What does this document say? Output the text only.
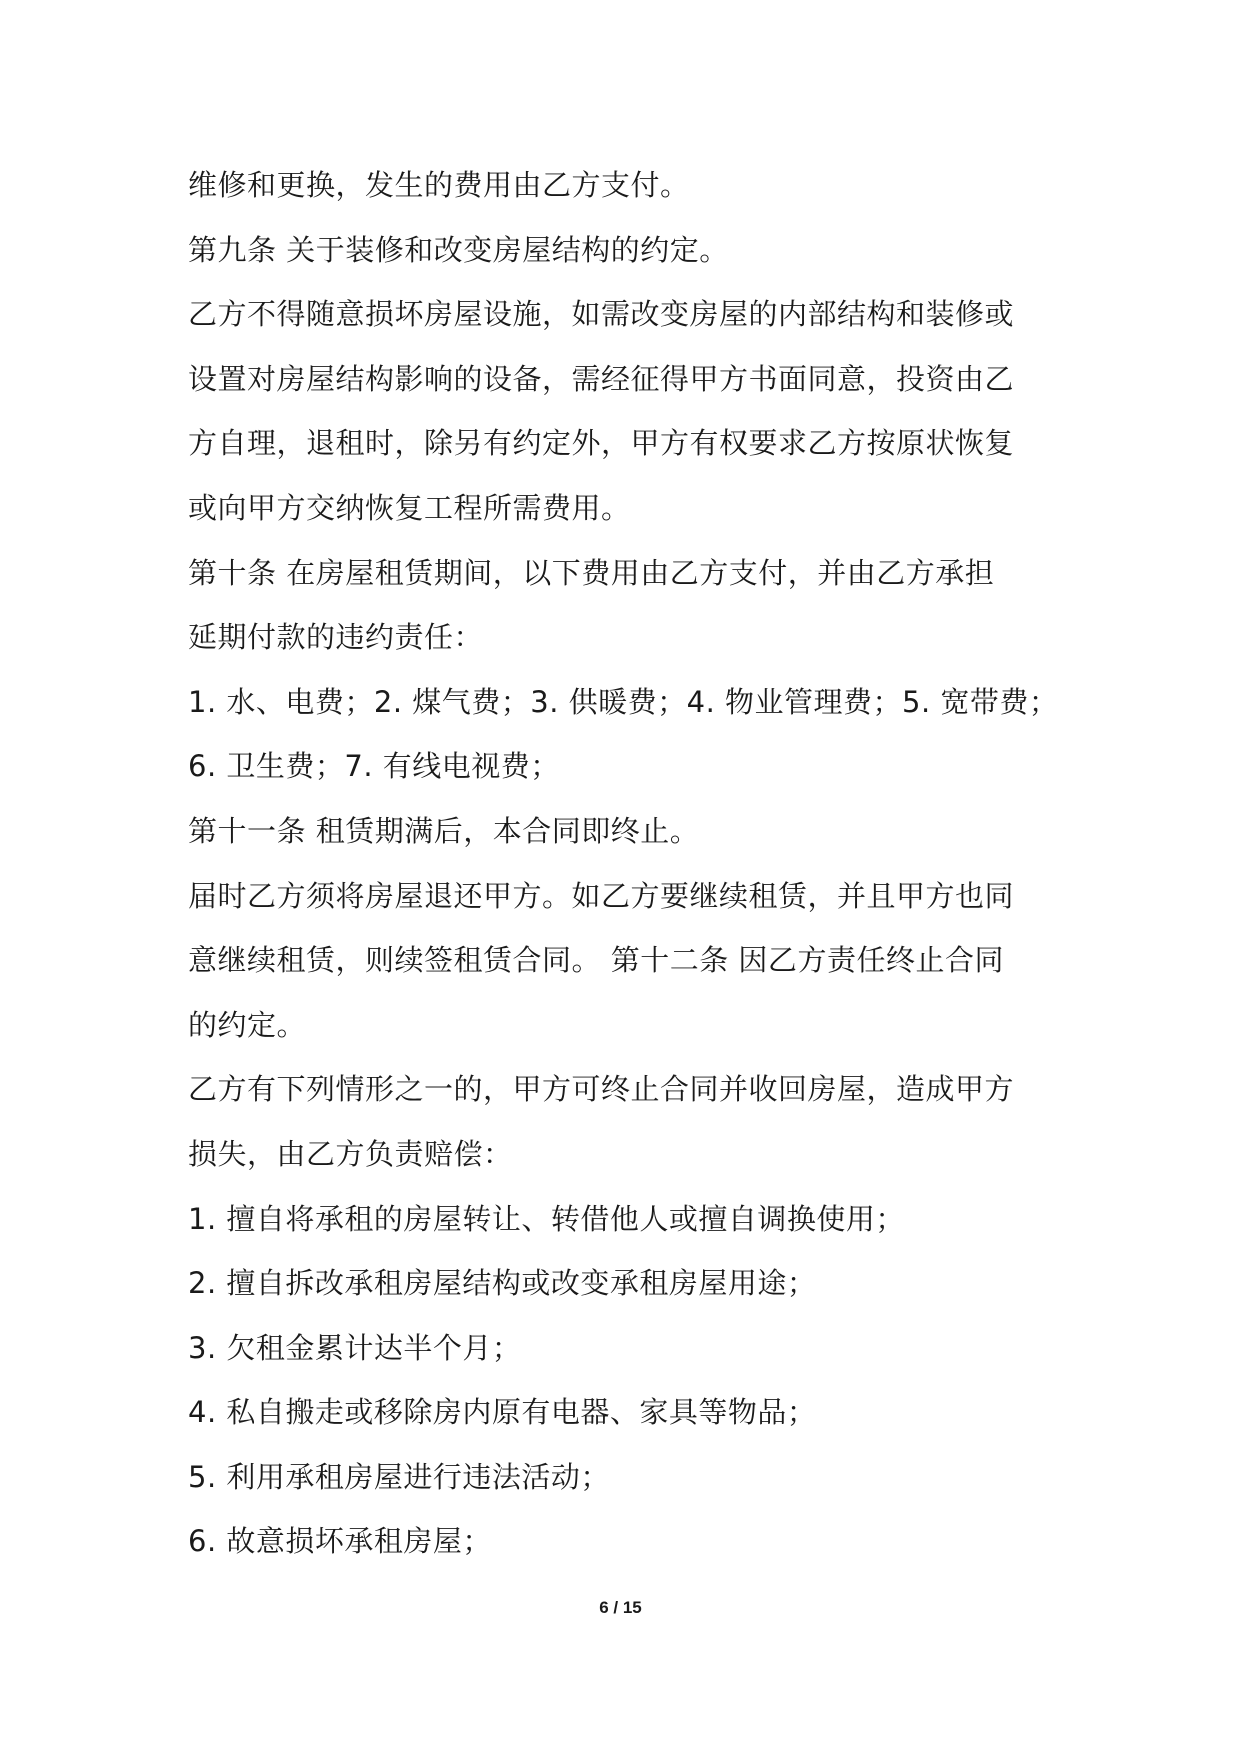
维修和更换，发生的费用由乙方支付。
第九条 关于装修和改变房屋结构的约定。
乙方不得随意损坏房屋设施，如需改变房屋的内部结构和装修或
设置对房屋结构影响的设备，需经征得甲方书面同意，投资由乙
方自理，退租时，除另有约定外，甲方有权要求乙方按原状恢复
或向甲方交纳恢复工程所需费用。
第十条 在房屋租赁期间，以下费用由乙方支付，并由乙方承担
延期付款的违约责任：
1. 水、电费；2. 煤气费；3. 供暖费；4. 物业管理费；5. 宽带费；
6. 卫生费；7. 有线电视费；
第十一条 租赁期满后，本合同即终止。
届时乙方须将房屋退还甲方。如乙方要继续租赁，并且甲方也同
意继续租赁，则续签租赁合同。 第十二条 因乙方责任终止合同
的约定。
乙方有下列情形之一的，甲方可终止合同并收回房屋，造成甲方
损失，由乙方负责赔偿：
1. 擅自将承租的房屋转让、转借他人或擅自调换使用；
2. 擅自拆改承租房屋结构或改变承租房屋用途；
3. 欠租金累计达半个月；
4. 私自搬走或移除房内原有电器、家具等物品；
5. 利用承租房屋进行违法活动；
6. 故意损坏承租房屋；
6 / 15
